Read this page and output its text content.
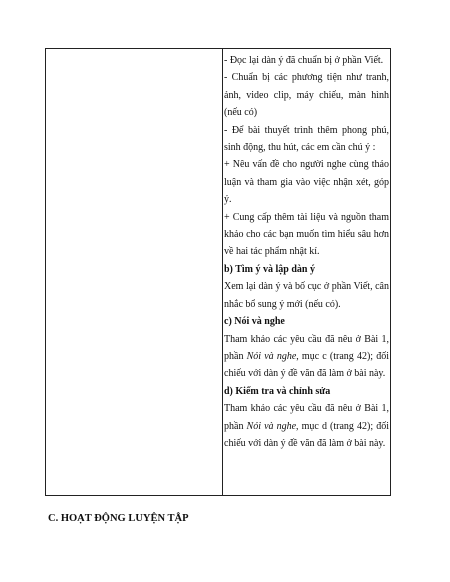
- Đọc lại dàn ý đã chuẩn bị ở phần Viết.

- Chuẩn bị các phương tiện như tranh, ảnh, video clip, máy chiếu, màn hình (nếu có)

- Để bài thuyết trình thêm phong phú, sinh động, thu hút, các em cần chú ý :

+ Nêu vấn đề cho người nghe cùng thảo luận và tham gia vào việc nhận xét, góp ý.

+ Cung cấp thêm tài liệu và nguồn tham khảo cho các bạn muốn tìm hiểu sâu hơn về hai tác phẩm nhật kí.

b) Tìm ý và lập dàn ý

Xem lại dàn ý và bố cục ở phần Viết, cân nhắc bổ sung ý mới (nếu có).

c) Nói và nghe

Tham khảo các yêu cầu đã nêu ở Bài 1, phần Nói và nghe, mục c (trang 42); đối chiếu với dàn ý đề văn đã làm ở bài này.

d) Kiểm tra và chỉnh sửa

Tham khảo các yêu cầu đã nêu ở Bài 1, phần Nói và nghe, mục d (trang 42); đối chiếu với dàn ý đề văn đã làm ở bài này.

C. HOẠT ĐỘNG LUYỆN TẬP
